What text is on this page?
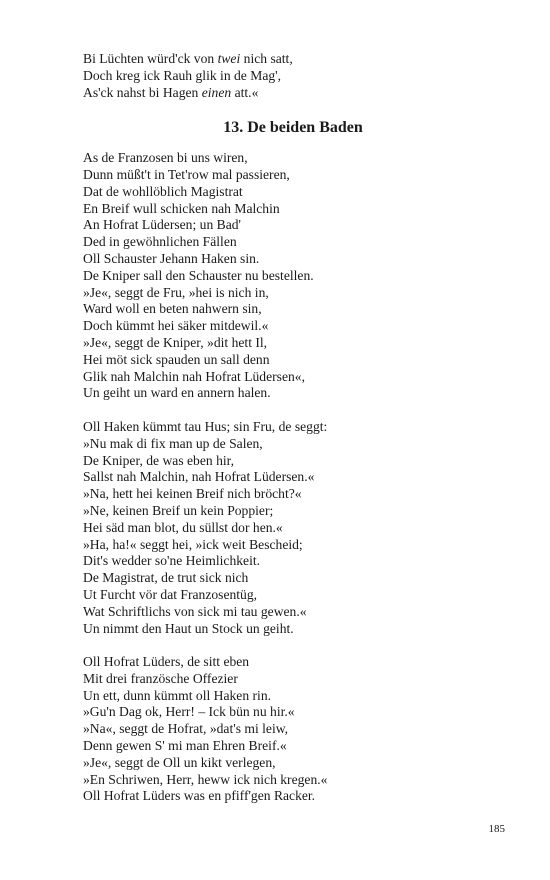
Bi Lüchten würd'ck von twei nich satt,
Doch kreg ick Rauh glik in de Mag',
As'ck nahst bi Hagen einen att.«
13. De beiden Baden
As de Franzosen bi uns wiren,
Dunn müßt't in Tet'row mal passieren,
Dat de wohllöblich Magistrat
En Breif wull schicken nah Malchin
An Hofrat Lüdersen; un Bad'
Ded in gewöhnlichen Fällen
Oll Schauster Jehann Haken sin.
De Kniper sall den Schauster nu bestellen.
»Je«, seggt de Fru, »hei is nich in,
Ward woll en beten nahwern sin,
Doch kümmt hei säker mitdewil.«
»Je«, seggt de Kniper, »dit hett Il,
Hei möt sick spauden un sall denn
Glik nah Malchin nah Hofrat Lüdersen«,
Un geiht un ward en annern halen.
Oll Haken kümmt tau Hus; sin Fru, de seggt:
»Nu mak di fix man up de Salen,
De Kniper, de was eben hir,
Sallst nah Malchin, nah Hofrat Lüdersen.«
»Na, hett hei keinen Breif nich bröcht?«
»Ne, keinen Breif un kein Poppier;
Hei säd man blot, du süllst dor hen.«
»Ha, ha!« seggt hei, »ick weit Bescheid;
Dit's wedder so'ne Heimlichkeit.
De Magistrat, de trut sick nich
Ut Furcht vör dat Franzosentüg,
Wat Schriftlichs von sick mi tau gewen.«
Un nimmt den Haut un Stock un geiht.
Oll Hofrat Lüders, de sitt eben
Mit drei französche Offezier
Un ett, dunn kümmt oll Haken rin.
»Gu'n Dag ok, Herr! – Ick bün nu hir.«
»Na«, seggt de Hofrat, »dat's mi leiw,
Denn gewen S' mi man Ehren Breif.«
»Je«, seggt de Oll un kikt verlegen,
»En Schriwen, Herr, heww ick nich kregen.«
Oll Hofrat Lüders was en pfiff'gen Racker.
185
